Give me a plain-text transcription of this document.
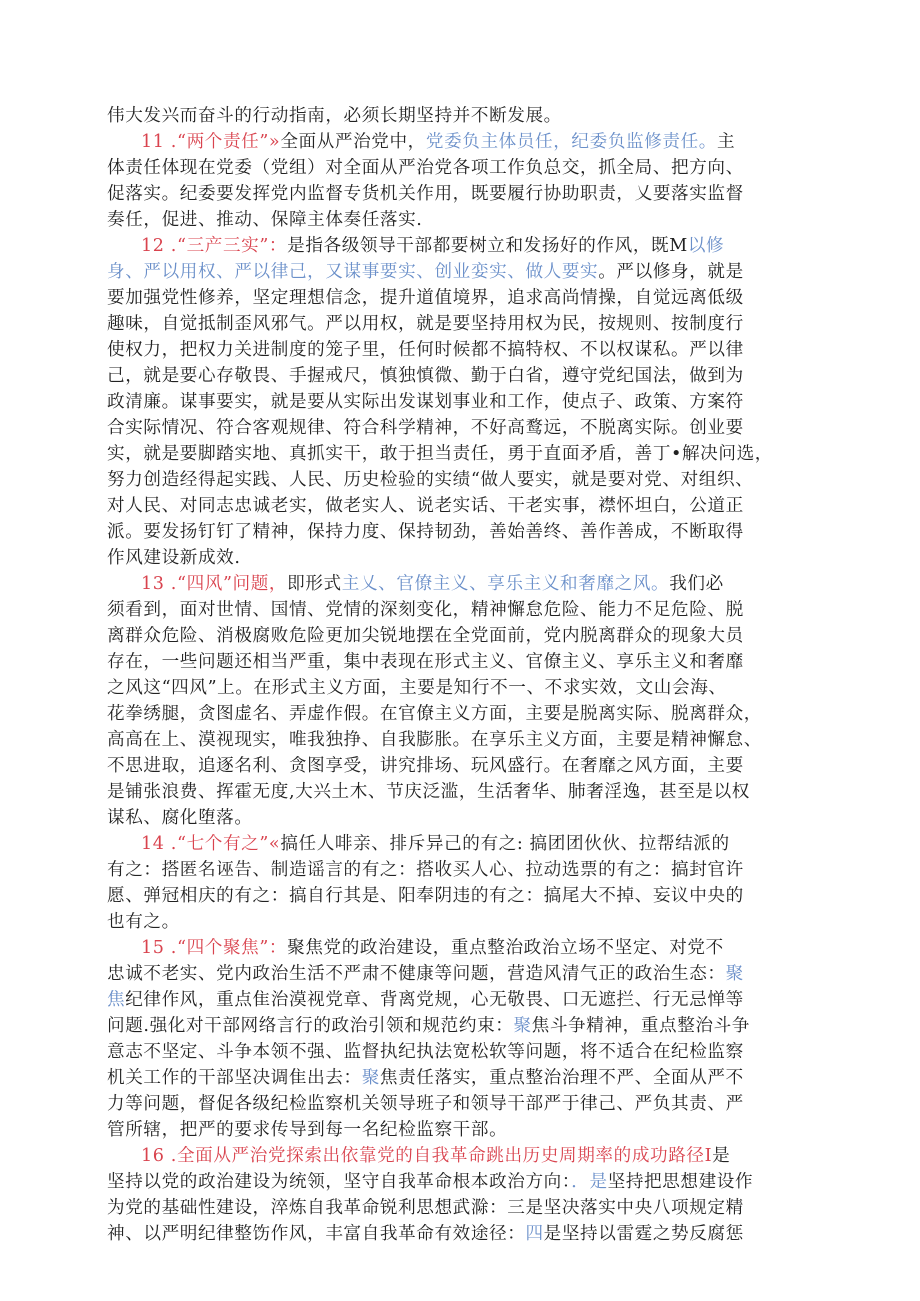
伟大发兴而奋斗的行动指南，必须长期坚持并不断发展。
11 .“两个责任”»全面从严治党中，党委负主体员任，纪委负监修责任。主
体责任体现在党委（党组）对全面从严治党各项工作负总交，抓全局、把方向、
促落实。纪委要发挥党内监督专货机关作用，既要履行协助职责，乂要落实监督
奏任，促进、推动、保障主体奏任落实.
12 .“三产三实”：是指各级领导干部都要树立和发扬好的作风，既M以修
身、严以用权、严以律己，又谋事要实、创业娈实、做人要实。严以修身，就是
要加强党性修养，坚定理想信念，提升道值境界，追求高尚情操，自觉远离低级
趣味，自觉抵制歪风邪气。严以用权，就是要坚持用权为民，按规则、按制度行
使权力，把权力关进制度的笼子里，任何时候都不搞特权、不以权谋私。严以律
己，就是要心存敬畏、手握戒尺，慎独慎微、勤于白省，遵守党纪国法，做到为
政清廉。谋事要实，就是要从实际出发谋划事业和工作，使点子、政策、方案符
合实际情况、符合客观规律、符合科学精神，不好高鹜远，不脱离实际。创业要
实，就是要脚踏实地、真抓实干，敢于担当责任，勇于直面矛盾，善丁•解决问选，
努力创造经得起实践、人民、历史检验的实绩“做人要实，就是要对党、对组织、
对人民、对同志忠诚老实，做老实人、说老实话、干老实事，襟怀坦白，公道正
派。要发扬钉钉了精神，保持力度、保持韧劲，善始善终、善作善成，不断取得
作风建设新成效.
13 .“四风”问题，即形式主乂、官僚主义、享乐主义和奢靡之风。我们必
须看到，面对世情、国情、党情的深刻变化，精神懈怠危险、能力不足危险、脱
离群众危险、消极腐败危险更加尖锐地摆在全党面前，党内脱离群众的现象大员
存在，一些问题还相当严重，集中表现在形式主义、官僚主义、享乐主义和奢靡
之风这“四风”上。在形式主义方面，主要是知行不一、不求实效，文山会海、
花拳绣腿，贪图虚名、弄虚作假。在官僚主义方面，主要是脱离实际、脱离群众，
高高在上、漠视现实，唯我独挣、自我膨胀。在享乐主义方面，主要是精神懈怠、
不思进取，追逐名利、贪图享受，讲究排场、玩风盛行。在奢靡之风方面，主要
是铺张浪费、挥霍无度,大兴土木、节庆泛滥，生活奢华、肺奢淫逸，甚至是以权
谋私、腐化堕落。
14 .“七个有之”«搞任人啡亲、排斥异己的有之: 搞团团伙伙、拉帮结派的
有之：搭匿名诬告、制造谣言的有之：搭收买人心、拉动选票的有之：搞封官许
愿、弹冠相庆的有之：搞自行其是、阳奉阴违的有之：搞尾大不掉、妄议中央的
也有之。
15 .“四个聚焦”：聚焦党的政治建设，重点整治政治立场不坚定、对党不
忠诚不老实、党内政治生活不严肃不健康等问题，营造风清气正的政治生态：聚
焦纪律作风，重点隹治漠视党章、背离党规，心无敬畏、口无遮拦、行无忌惮等
问题.强化对干部网络言行的政治引领和规范约束：聚焦斗争精神，重点整治斗争
意志不坚定、斗争本领不强、监督执纪执法宽松软等问题，将不适合在纪检监察
机关工作的干部坚决调隹出去：聚焦责任落实，重点整治治理不严、全面从严不
力等问题，督促各级纪检监察机关领导班子和领导干部严于律己、严负其责、严
管所辖，把严的要求传导到每一名纪检监察干部。
16 .全面从严治党探索出依靠党的自我革命跳出历史周期率的成功路径I是
坚持以党的政治建设为统领，坚守自我革命根本政治方向：．是坚持把思想建设作
为党的基础性建设，淬炼自我革命锐利思想武滁：三是坚决落实中央八项规定精
神、以严明纪律整饬作风，丰富自我革命有效途径：四是坚持以雷霆之势反腐惩
